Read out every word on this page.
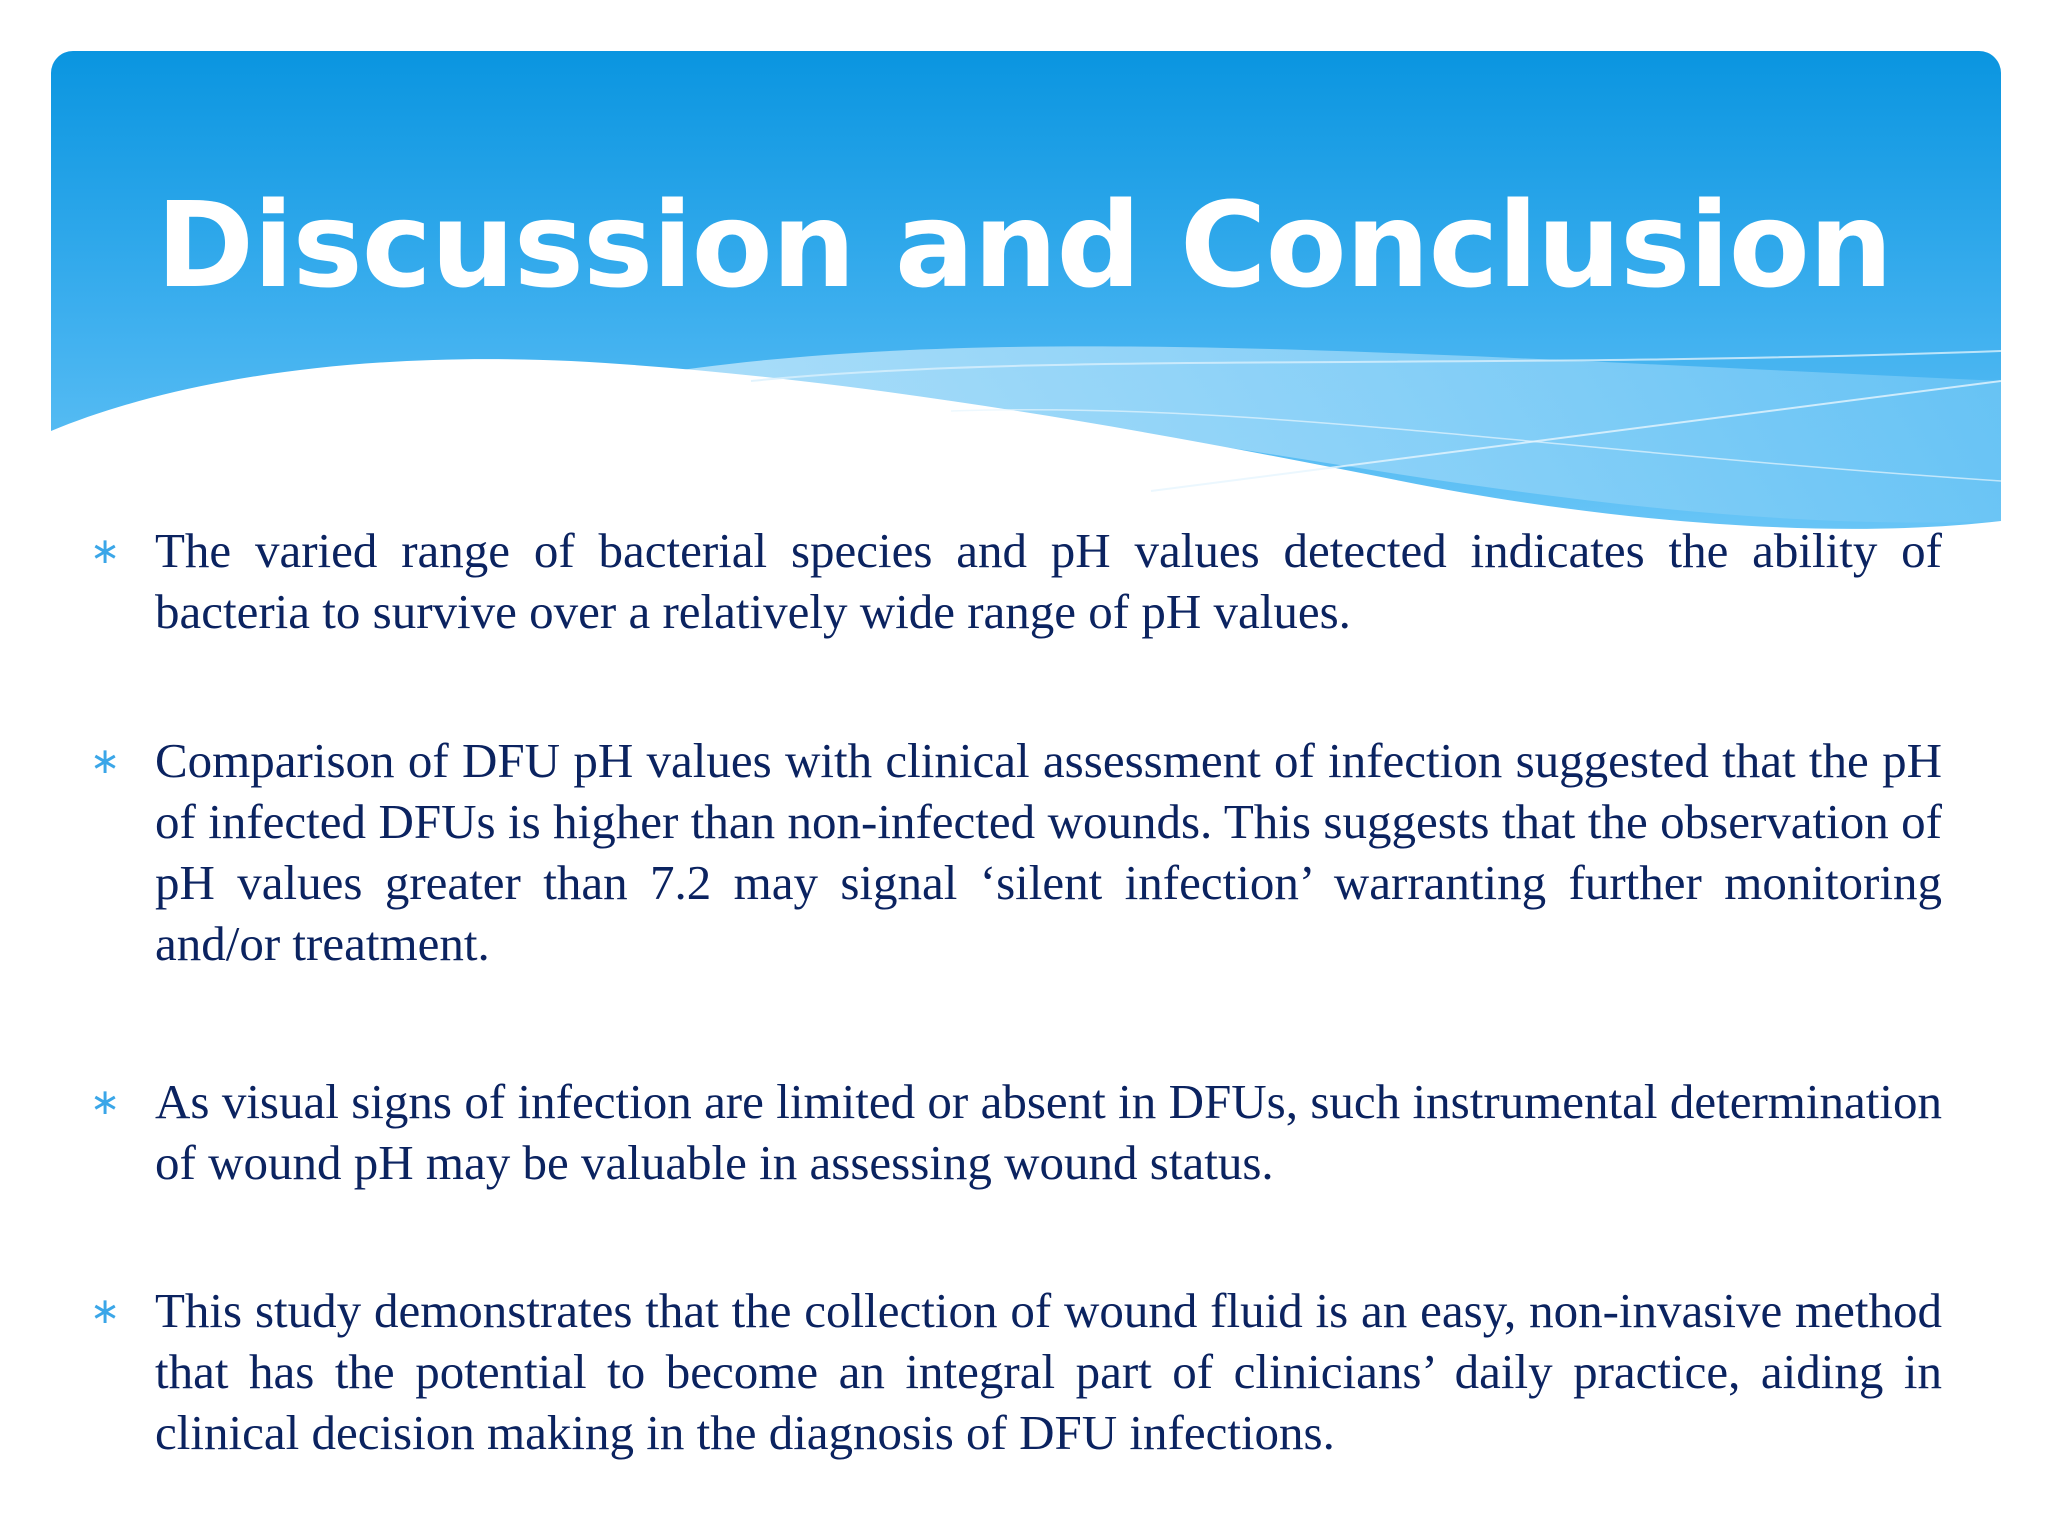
Discussion and Conclusion
∗ The varied range of bacterial species and pH values detected indicates the ability of bacteria to survive over a relatively wide range of pH values.

∗ Comparison of DFU pH values with clinical assessment of infection suggested that the pH of infected DFUs is higher than non-infected wounds. This suggests that the observation of pH values greater than 7.2 may signal ‘silent infection’ warranting further monitoring and/or treatment.

∗ As visual signs of infection are limited or absent in DFUs, such instrumental determination of wound pH may be valuable in assessing wound status.

∗ This study demonstrates that the collection of wound fluid is an easy, non-invasive method that has the potential to become an integral part of clinicians’ daily practice, aiding in clinical decision making in the diagnosis of DFU infections.
